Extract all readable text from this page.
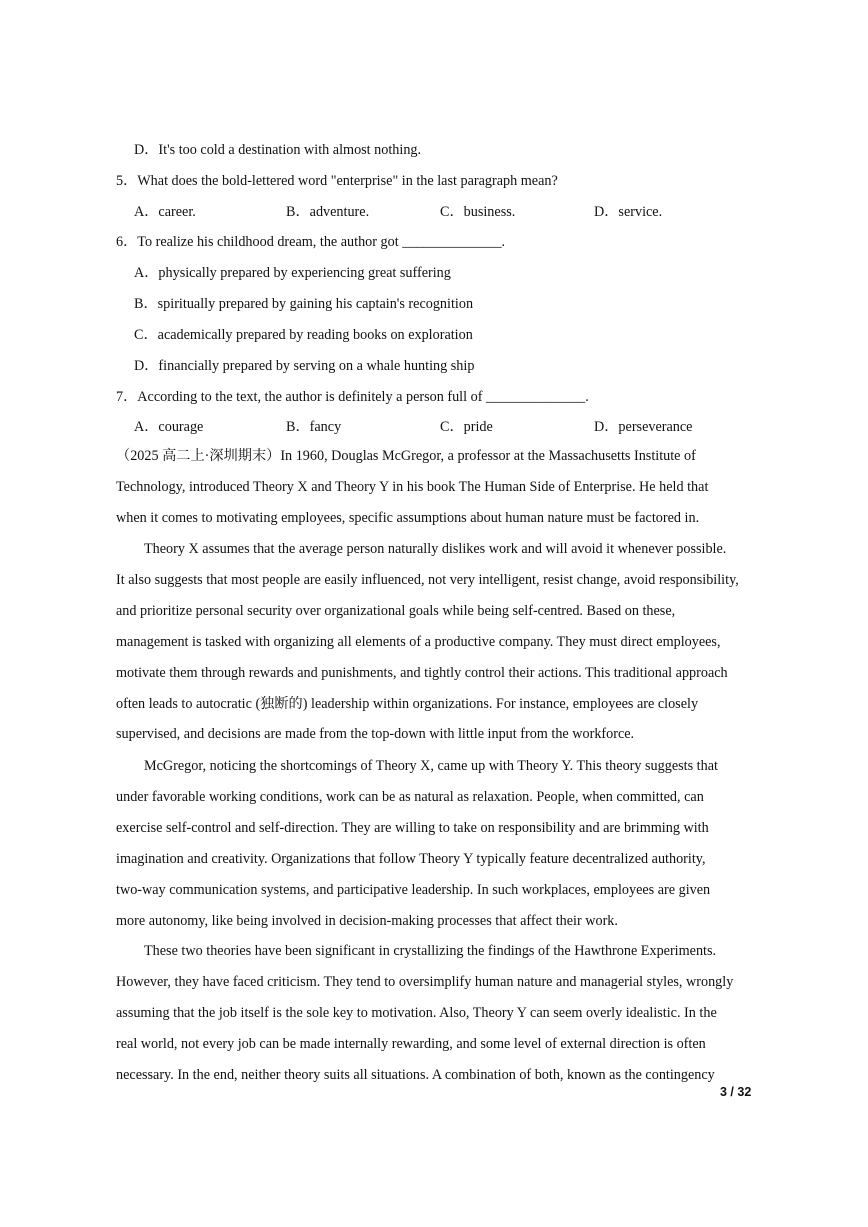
D．It's too cold a destination with almost nothing.
5．What does the bold-lettered word "enterprise" in the last paragraph mean?
A．career.	B．adventure.	C．business.	D．service.
6．To realize his childhood dream, the author got ______________.
A．physically prepared by experiencing great suffering
B．spiritually prepared by gaining his captain's recognition
C．academically prepared by reading books on exploration
D．financially prepared by serving on a whale hunting ship
7．According to the text, the author is definitely a person full of ______________.
A．courage	B．fancy	C．pride	D．perseverance
（2025 高二上·深圳期末）In 1960, Douglas McGregor, a professor at the Massachusetts Institute of
Technology, introduced Theory X and Theory Y in his book The Human Side of Enterprise. He held that
when it comes to motivating employees, specific assumptions about human nature must be factored in.
Theory X assumes that the average person naturally dislikes work and will avoid it whenever possible.
It also suggests that most people are easily influenced, not very intelligent, resist change, avoid responsibility,
and prioritize personal security over organizational goals while being self-centred. Based on these,
management is tasked with organizing all elements of a productive company. They must direct employees,
motivate them through rewards and punishments, and tightly control their actions. This traditional approach
often leads to autocratic (独断的) leadership within organizations. For instance, employees are closely
supervised, and decisions are made from the top-down with little input from the workforce.
McGregor, noticing the shortcomings of Theory X, came up with Theory Y. This theory suggests that
under favorable working conditions, work can be as natural as relaxation. People, when committed, can
exercise self-control and self-direction. They are willing to take on responsibility and are brimming with
imagination and creativity. Organizations that follow Theory Y typically feature decentralized authority,
two-way communication systems, and participative leadership. In such workplaces, employees are given
more autonomy, like being involved in decision-making processes that affect their work.
These two theories have been significant in crystallizing the findings of the Hawthrone Experiments.
However, they have faced criticism. They tend to oversimplify human nature and managerial styles, wrongly
assuming that the job itself is the sole key to motivation. Also, Theory Y can seem overly idealistic. In the
real world, not every job can be made internally rewarding, and some level of external direction is often
necessary. In the end, neither theory suits all situations. A combination of both, known as the contingency
3 / 32
